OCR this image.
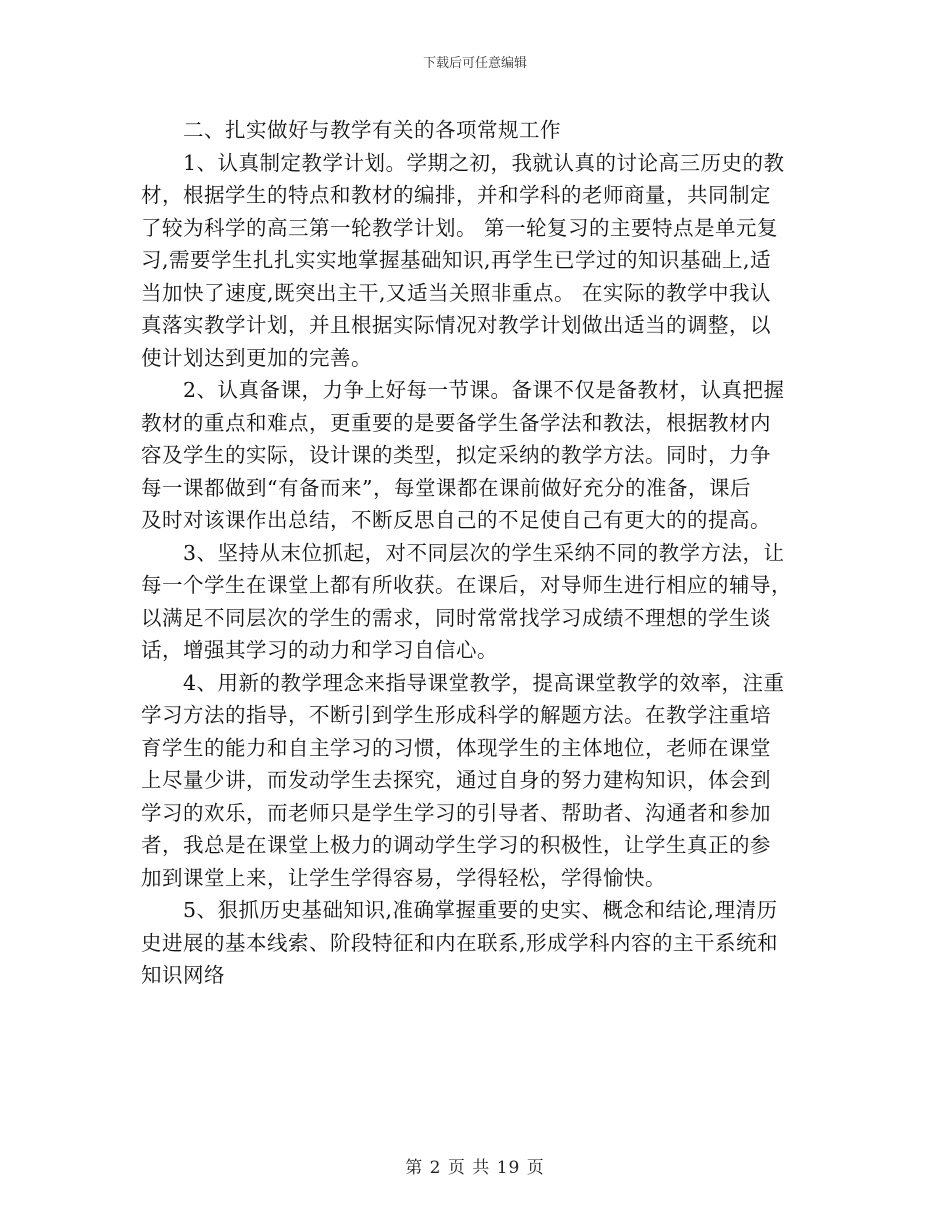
下载后可任意编辑
二、扎实做好与教学有关的各项常规工作
1、认真制定教学计划。学期之初，我就认真的讨论高三历史的教
材，根据学生的特点和教材的编排，并和学科的老师商量，共同制定
了较为科学的高三第一轮教学计划。 第一轮复习的主要特点是单元复
习,需要学生扎扎实实地掌握基础知识,再学生已学过的知识基础上,适
当加快了速度,既突出主干,又适当关照非重点。 在实际的教学中我认
真落实教学计划，并且根据实际情况对教学计划做出适当的调整，以
使计划达到更加的完善。
2、认真备课，力争上好每一节课。备课不仅是备教材，认真把握
教材的重点和难点，更重要的是要备学生备学法和教法，根据教材内
容及学生的实际，设计课的类型，拟定采纳的教学方法。同时，力争
每一课都做到“有备而来”，每堂课都在课前做好充分的准备，课后
及时对该课作出总结，不断反思自己的不足使自己有更大的的提高。
3、坚持从末位抓起，对不同层次的学生采纳不同的教学方法，让
每一个学生在课堂上都有所收获。在课后，对导师生进行相应的辅导，
以满足不同层次的学生的需求，同时常常找学习成绩不理想的学生谈
话，增强其学习的动力和学习自信心。
4、用新的教学理念来指导课堂教学，提高课堂教学的效率，注重
学习方法的指导，不断引到学生形成科学的解题方法。在教学注重培
育学生的能力和自主学习的习惯，体现学生的主体地位，老师在课堂
上尽量少讲，而发动学生去探究，通过自身的努力建构知识，体会到
学习的欢乐，而老师只是学生学习的引导者、帮助者、沟通者和参加
者，我总是在课堂上极力的调动学生学习的积极性，让学生真正的参
加到课堂上来，让学生学得容易，学得轻松，学得愉快。
5、狠抓历史基础知识,准确掌握重要的史实、概念和结论,理清历
史进展的基本线索、阶段特征和内在联系,形成学科内容的主干系统和
知识网络
第 2 页 共 19 页
